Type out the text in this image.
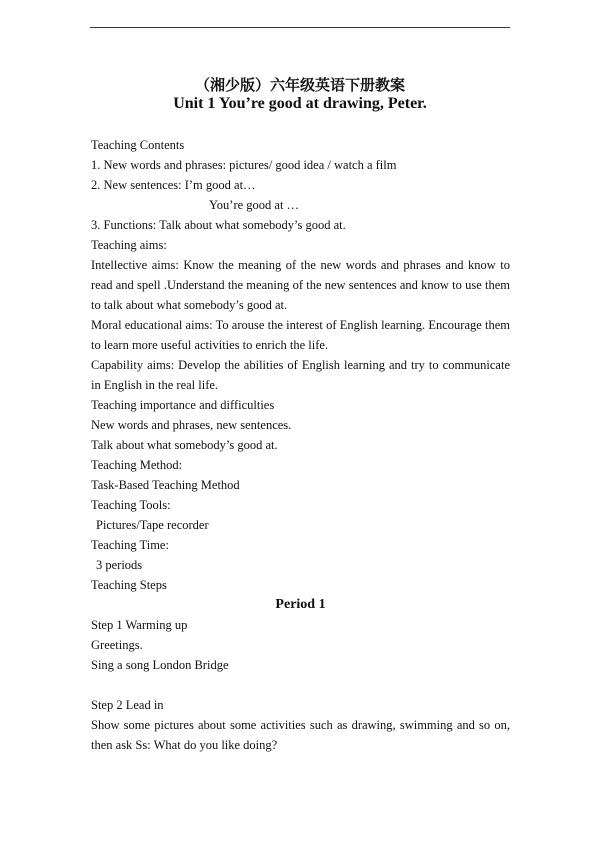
（湘少版）六年级英语下册教案
Unit 1 You’re good at drawing, Peter.
Teaching Contents
1. New words and phrases: pictures/ good idea / watch a film
2. New sentences: I’m good at…
You’re good at …
3. Functions: Talk about what somebody’s good at.
Teaching aims:
Intellective aims: Know the meaning of the new words and phrases and know to read and spell .Understand the meaning of the new sentences and know to use them to talk about what somebody’s good at.
Moral educational aims: To arouse the interest of English learning. Encourage them to learn more useful activities to enrich the life.
Capability aims: Develop the abilities of English learning and try to communicate in English in the real life.
Teaching importance and difficulties
New words and phrases, new sentences.
Talk about what somebody’s good at.
Teaching Method:
Task-Based Teaching Method
Teaching Tools:
Pictures/Tape recorder
Teaching Time:
3 periods
Teaching Steps
Period 1
Step 1 Warming up
Greetings.
Sing a song London Bridge
Step 2 Lead in
Show some pictures about some activities such as drawing, swimming and so on, then ask Ss: What do you like doing?
